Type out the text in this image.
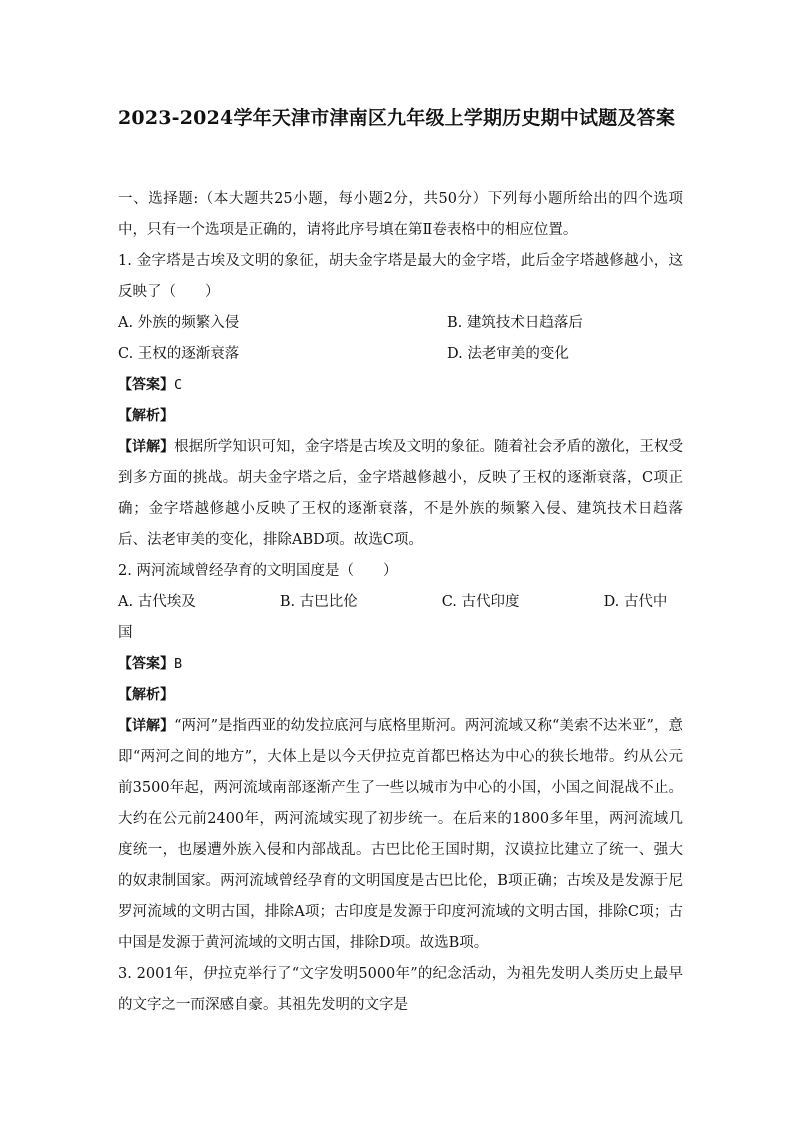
2023-2024学年天津市津南区九年级上学期历史期中试题及答案

一、选择题:（本大题共25小题，每小题2分，共50分）下列每小题所给出的四个选项中，只有一个选项是正确的，请将此序号填在第Ⅱ卷表格中的相应位置。

1. 金字塔是古埃及文明的象征，胡夫金字塔是最大的金字塔，此后金字塔越修越小，这反映了（　　）

A. 外族的频繁入侵	B. 建筑技术日趋落后
C. 王权的逐渐衰落	D. 法老审美的变化

【答案】C

【解析】

【详解】根据所学知识可知，金字塔是古埃及文明的象征。随着社会矛盾的激化，王权受到多方面的挑战。胡夫金字塔之后，金字塔越修越小，反映了王权的逐渐衰落，C项正确；金字塔越修越小反映了王权的逐渐衰落，不是外族的频繁入侵、建筑技术日趋落后、法老审美的变化，排除ABD项。故选C项。

2. 两河流域曾经孕育的文明国度是（　　）

A. 古代埃及	B. 古巴比伦	C. 古代印度	D. 古代中
国

【答案】B

【解析】

【详解】“两河”是指西亚的幼发拉底河与底格里斯河。两河流域又称“美索不达米亚”，意即“两河之间的地方”，大体上是以今天伊拉克首都巴格达为中心的狭长地带。约从公元前3500年起，两河流域南部逐渐产生了一些以城市为中心的小国，小国之间混战不止。大约在公元前2400年，两河流域实现了初步统一。在后来的1800多年里，两河流域几度统一，也屡遭外族入侵和内部战乱。古巴比伦王国时期，汉谟拉比建立了统一、强大的奴隶制国家。两河流域曾经孕育的文明国度是古巴比伦，B项正确；古埃及是发源于尼罗河流域的文明古国，排除A项；古印度是发源于印度河流域的文明古国，排除C项；古中国是发源于黄河流域的文明古国，排除D项。故选B项。

3. 2001年，伊拉克举行了“文字发明5000年”的纪念活动，为祖先发明人类历史上最早的文字之一而深感自豪。其祖先发明的文字是
